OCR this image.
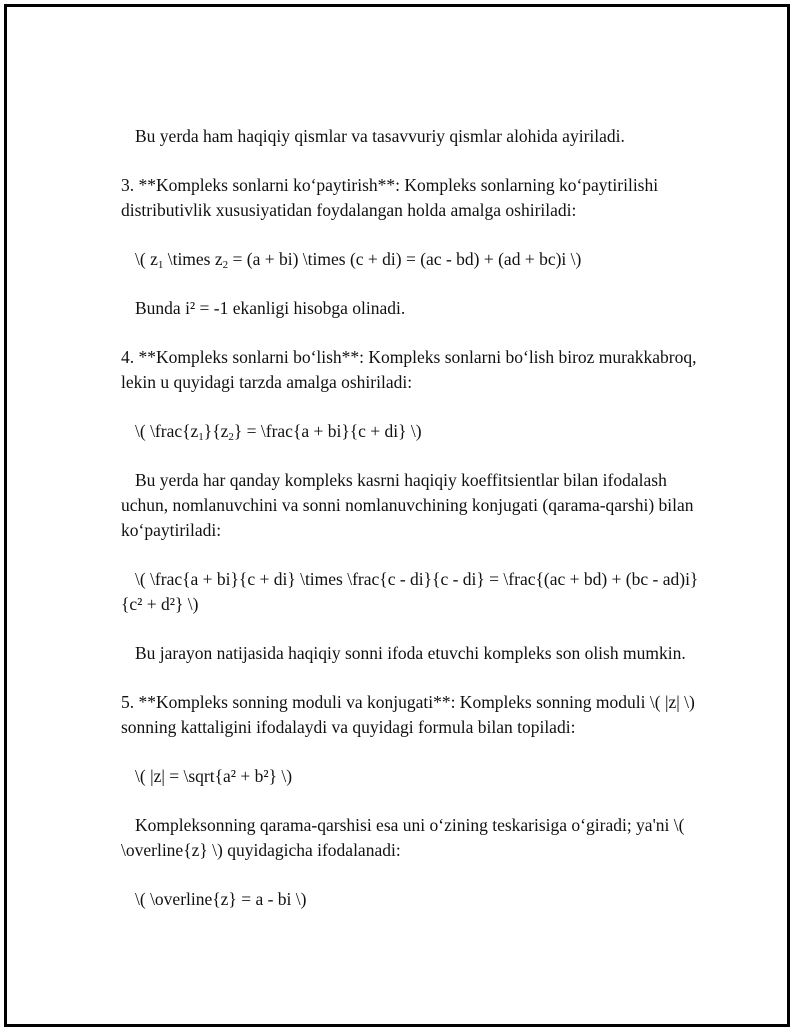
Bu yerda ham haqiqiy qismlar va tasavvuriy qismlar alohida ayiriladi.

3. **Kompleks sonlarni koʻpaytirish**: Kompleks sonlarning koʻpaytirilishi distributivlik xususiyatidan foydalangan holda amalga oshiriladi:

\( $z_1$ \times $z_2 = (a + bi)$ \times (c + di) = (ac - bd) + (ad + bc)i \)

Bunda i² = -1 ekanligi hisobga olinadi.

4. **Kompleks sonlarni boʻlish**: Kompleks sonlarni boʻlish biroz murakkabroq, lekin u quyidagi tarzda amalga oshiriladi:

\( $\backslash frac\{z_1\}\{z_2\}$ = \frac{a + bi}{c + di} \)

Bu yerda har qanday kompleks kasrni haqiqiy koeffitsientlar bilan ifodalash uchun, nomlanuvchini va sonni nomlanuvchining konjugati (qarama-qarshi) bilan koʻpaytiriladi:

\( \frac{a + bi}{c + di} \times \frac{c - di}{c - di} = \frac{(ac + bd) + (bc - ad)i}{c² + d²} \)

Bu jarayon natijasida haqiqiy sonni ifoda etuvchi kompleks son olish mumkin.

5. **Kompleks sonning moduli va konjugati**: Kompleks sonning moduli \( |z| \) sonning kattaligini ifodalaydi va quyidagi formula bilan topiladi:

\( |z| = \sqrt{a² + b²} \)

Kompleksonning qarama-qarshisi esa uni oʻzining teskarisiga oʻgiradi; ya'ni \( \overline{z} \) quyidagicha ifodalanadi:

\( \overline{z} = a - bi \)
